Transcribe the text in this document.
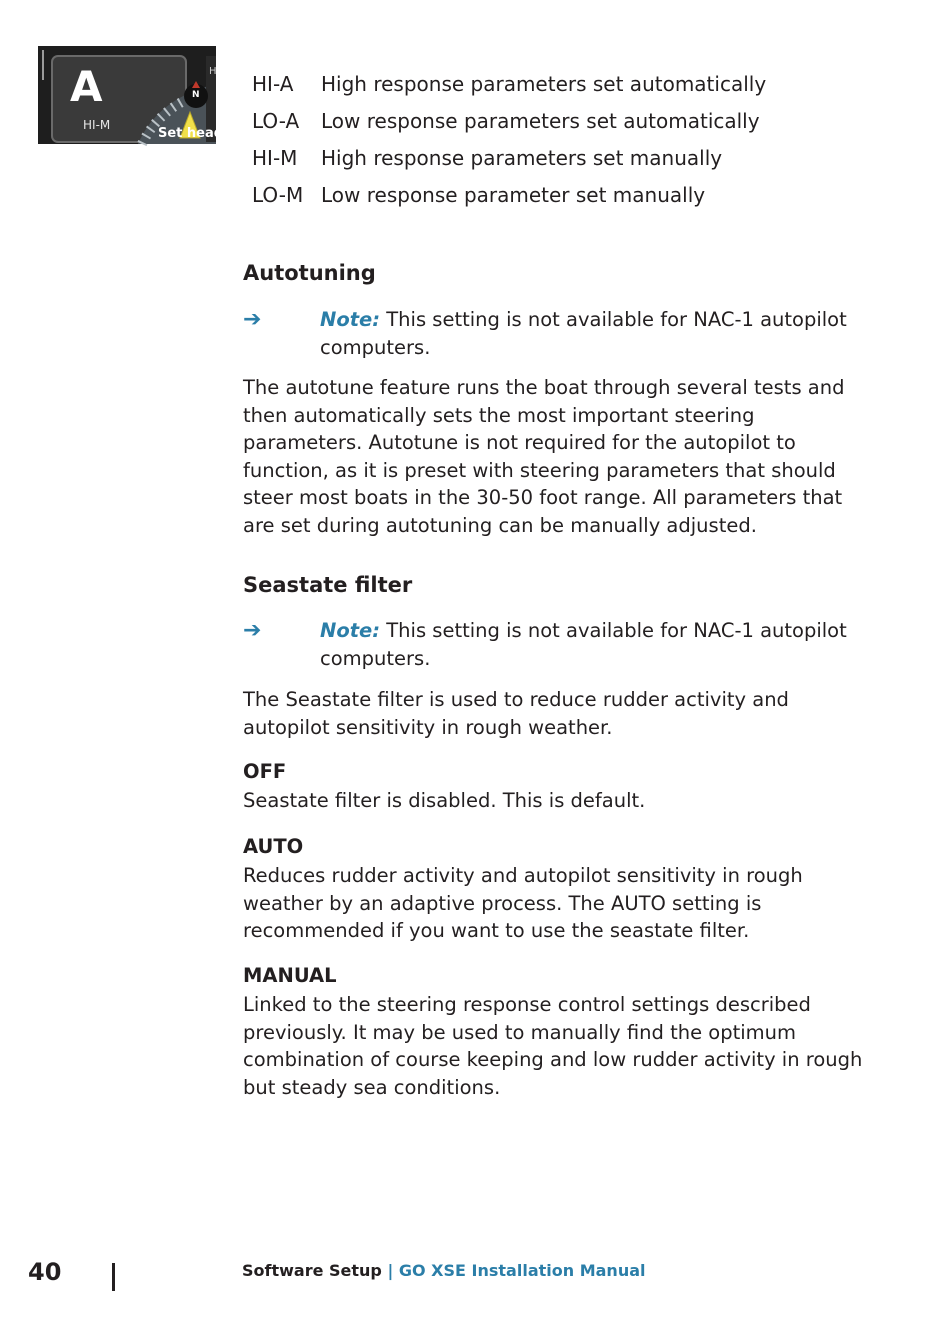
A
HI-M
N
Set headi
H
HI-A	High response parameters set automatically
LO-A	Low response parameters set automatically
HI-M	High response parameters set manually
LO-M Low response parameter set manually
Autotuning
➔	Note: This setting is not available for NAC-1 autopilot computers.
The autotune feature runs the boat through several tests and then automatically sets the most important steering parameters. Autotune is not required for the autopilot to function, as it is preset with steering parameters that should steer most boats in the 30-50 foot range. All parameters that are set during autotuning can be manually adjusted.
Seastate filter
➔	Note: This setting is not available for NAC-1 autopilot computers.
The Seastate filter is used to reduce rudder activity and autopilot sensitivity in rough weather.
OFF
Seastate filter is disabled. This is default.
AUTO
Reduces rudder activity and autopilot sensitivity in rough weather by an adaptive process. The AUTO setting is recommended if you want to use the seastate filter.
MANUAL
Linked to the steering response control settings described previously. It may be used to manually find the optimum combination of course keeping and low rudder activity in rough but steady sea conditions.
40	Software Setup | GO XSE Installation Manual
